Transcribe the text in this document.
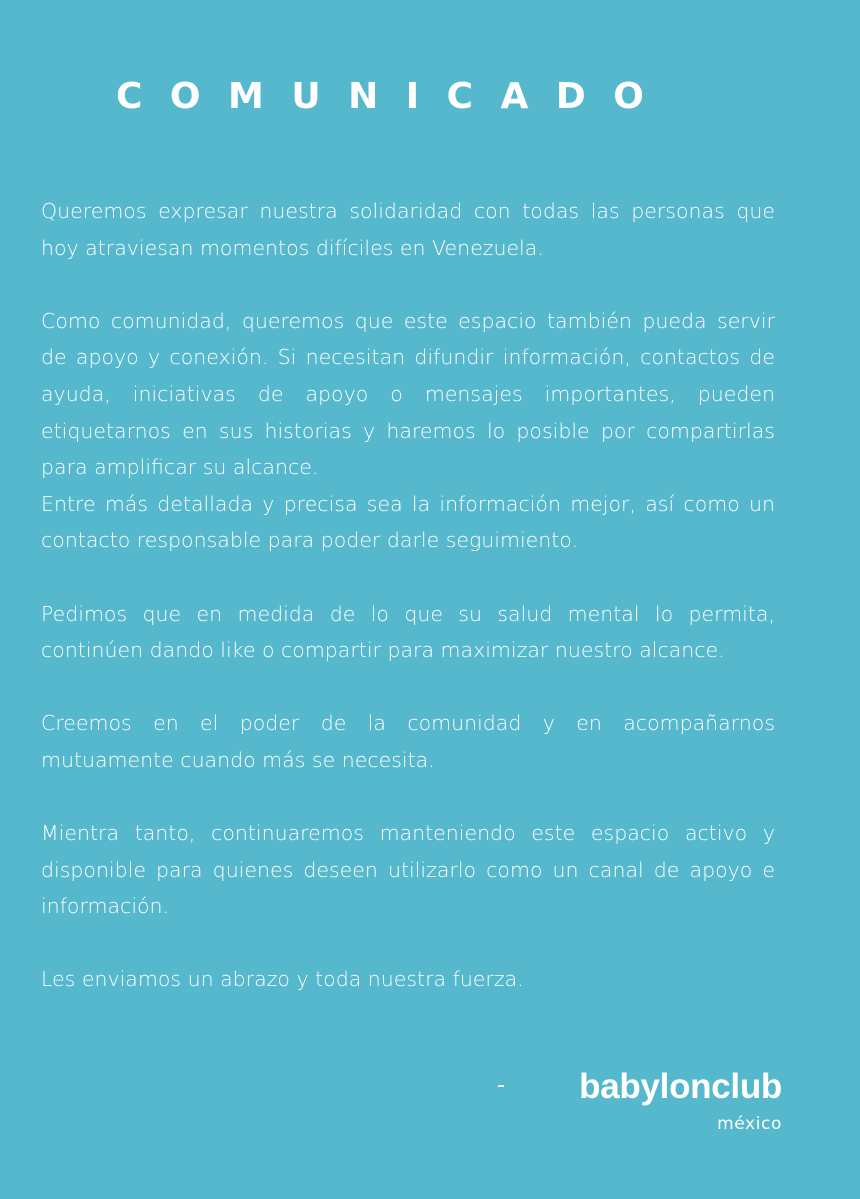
COMUNICADO

Queremos expresar nuestra solidaridad con todas las personas que hoy atraviesan momentos difíciles en Venezuela.

Como comunidad, queremos que este espacio también pueda servir de apoyo y conexión. Si necesitan difundir información, contactos de ayuda, iniciativas de apoyo o mensajes importantes, pueden etiquetarnos en sus historias y haremos lo posible por compartirlas para amplificar su alcance.

Entre más detallada y precisa sea la información mejor, así como un contacto responsable para poder darle seguimiento.

Pedimos que en medida de lo que su salud mental lo permita, continúen dando like o compartir para maximizar nuestro alcance.

Creemos en el poder de la comunidad y en acompañarnos mutuamente cuando más se necesita.

Mientra tanto, continuaremos manteniendo este espacio activo y disponible para quienes deseen utilizarlo como un canal de apoyo e información.

Les enviamos un abrazo y toda nuestra fuerza.

- babylonclub
méxico
